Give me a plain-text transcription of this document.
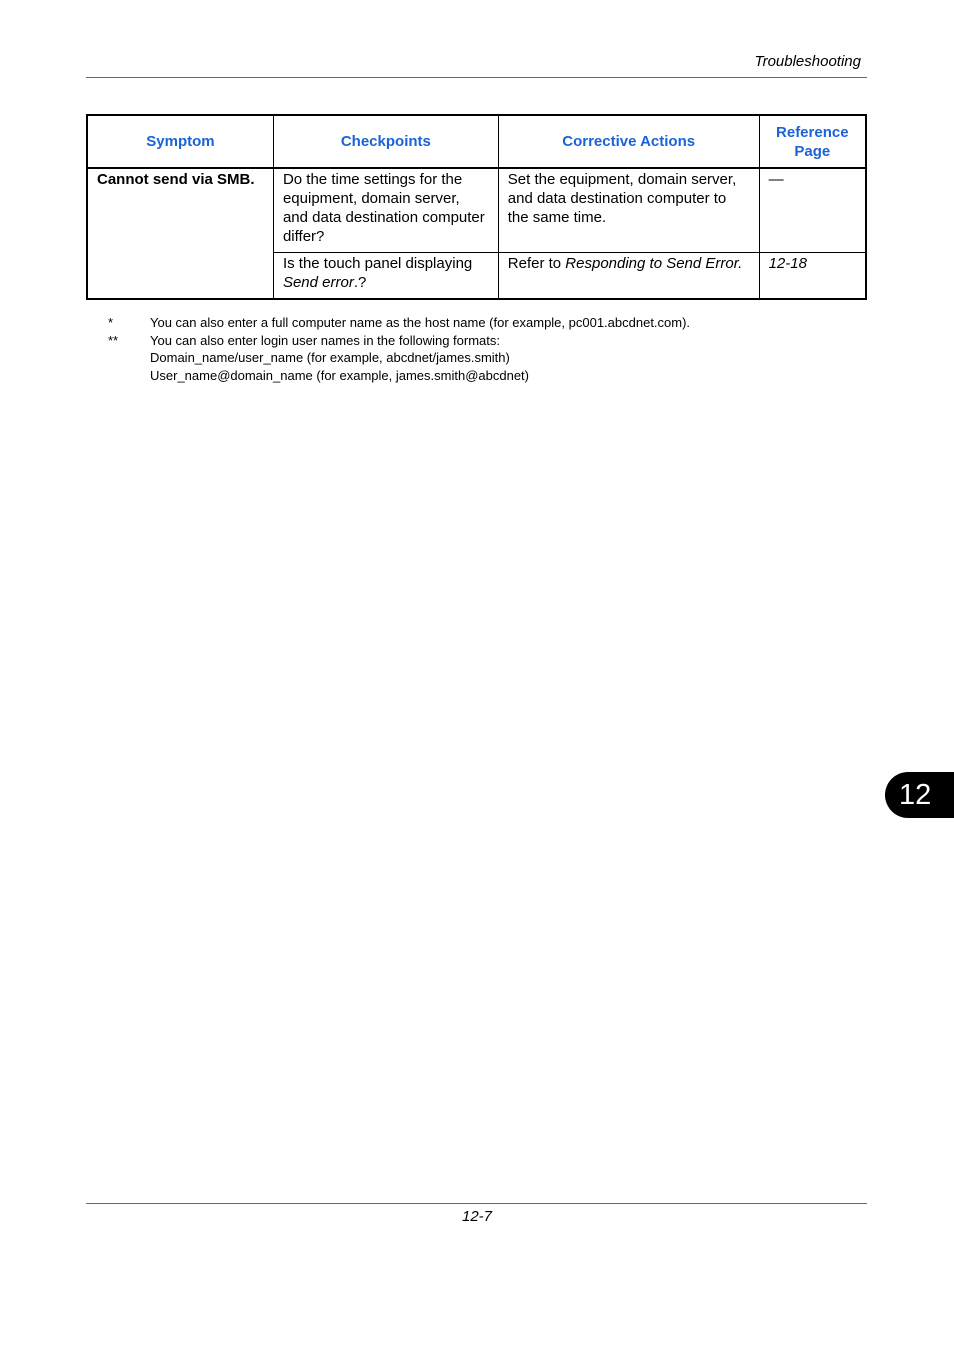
Troubleshooting
Symptom	Checkpoints	Corrective Actions	Reference Page
Cannot send via SMB.	Do the time settings for the equipment, domain server, and data destination computer differ?	Set the equipment, domain server, and data destination computer to the same time.	—
	Is the touch panel displaying Send error.?	Refer to Responding to Send Error.	12-18
*	You can also enter a full computer name as the host name (for example, pc001.abcdnet.com).
**	You can also enter login user names in the following formats:
Domain_name/user_name (for example, abcdnet/james.smith)
User_name@domain_name (for example, james.smith@abcdnet)
12
12-7
